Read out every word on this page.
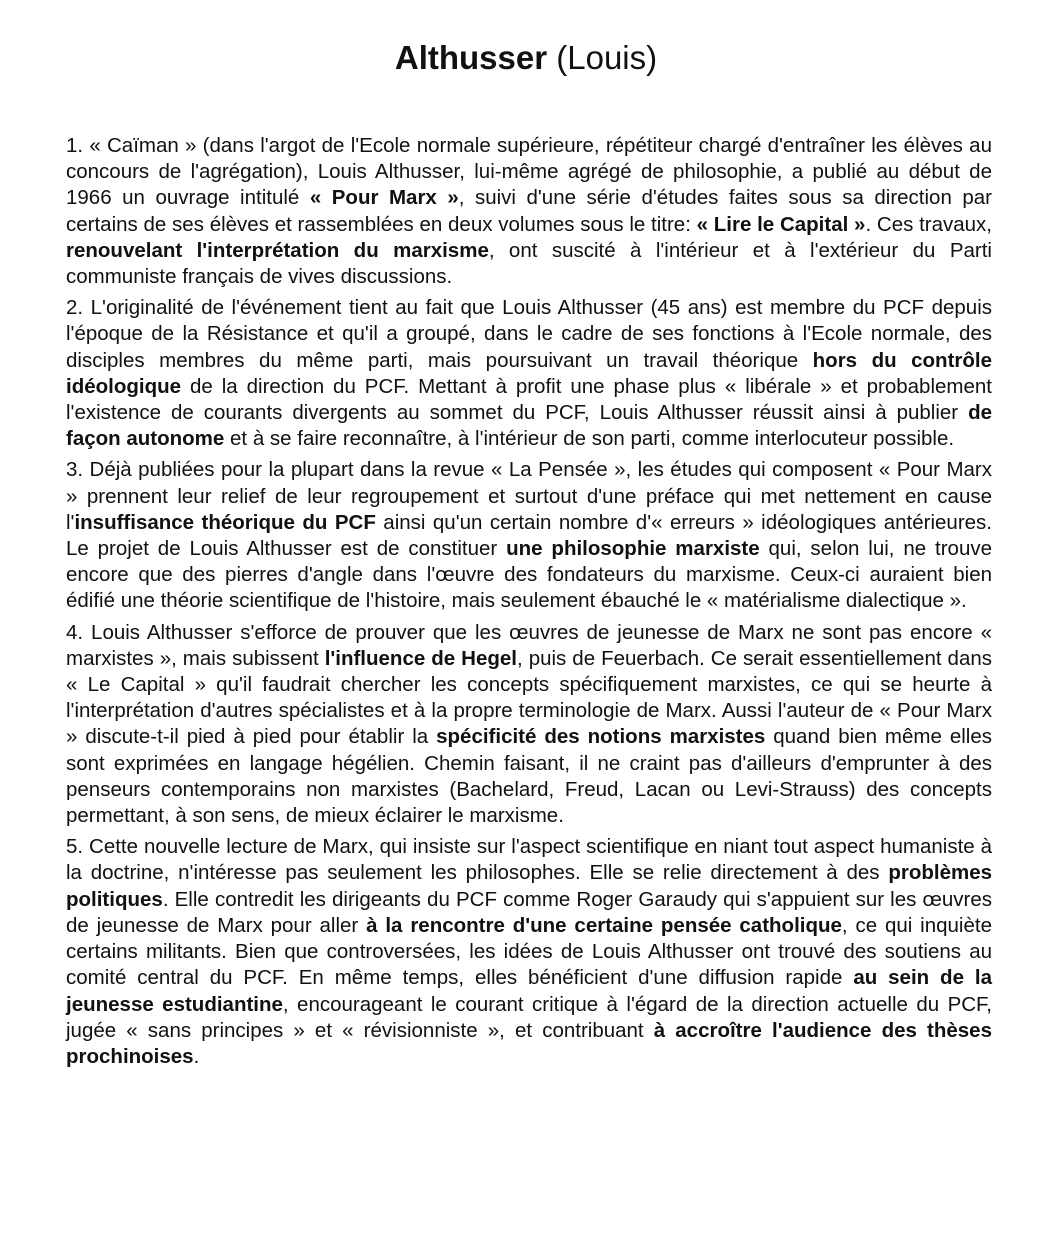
Althusser (Louis)

1. « Caïman » (dans l'argot de l'Ecole normale supérieure, répétiteur chargé d'entraîner les élèves au concours de l'agrégation), Louis Althusser, lui-même agrégé de philosophie, a publié au début de 1966 un ouvrage intitulé « Pour Marx », suivi d'une série d'études faites sous sa direction par certains de ses élèves et rassemblées en deux volumes sous le titre: « Lire le Capital ». Ces travaux, renouvelant l'interprétation du marxisme, ont suscité à l'intérieur et à l'extérieur du Parti communiste français de vives discussions.

2. L'originalité de l'événement tient au fait que Louis Althusser (45 ans) est membre du PCF depuis l'époque de la Résistance et qu'il a groupé, dans le cadre de ses fonctions à l'Ecole normale, des disciples membres du même parti, mais poursuivant un travail théorique hors du contrôle idéologique de la direction du PCF. Mettant à profit une phase plus « libérale » et probablement l'existence de courants divergents au sommet du PCF, Louis Althusser réussit ainsi à publier de façon autonome et à se faire reconnaître, à l'intérieur de son parti, comme interlocuteur possible.

3. Déjà publiées pour la plupart dans la revue « La Pensée », les études qui composent « Pour Marx » prennent leur relief de leur regroupement et surtout d'une préface qui met nettement en cause l'insuffisance théorique du PCF ainsi qu'un certain nombre d'« erreurs » idéologiques antérieures. Le projet de Louis Althusser est de constituer une philosophie marxiste qui, selon lui, ne trouve encore que des pierres d'angle dans l'œuvre des fondateurs du marxisme. Ceux-ci auraient bien édifié une théorie scientifique de l'histoire, mais seulement ébauché le « matérialisme dialectique ».

4. Louis Althusser s'efforce de prouver que les œuvres de jeunesse de Marx ne sont pas encore « marxistes », mais subissent l'influence de Hegel, puis de Feuerbach. Ce serait essentiellement dans « Le Capital » qu'il faudrait chercher les concepts spécifiquement marxistes, ce qui se heurte à l'interprétation d'autres spécialistes et à la propre terminologie de Marx. Aussi l'auteur de « Pour Marx » discute-t-il pied à pied pour établir la spécificité des notions marxistes quand bien même elles sont exprimées en langage hégélien. Chemin faisant, il ne craint pas d'ailleurs d'emprunter à des penseurs contemporains non marxistes (Bachelard, Freud, Lacan ou Levi-Strauss) des concepts permettant, à son sens, de mieux éclairer le marxisme.

5. Cette nouvelle lecture de Marx, qui insiste sur l'aspect scientifique en niant tout aspect humaniste à la doctrine, n'intéresse pas seulement les philosophes. Elle se relie directement à des problèmes politiques. Elle contredit les dirigeants du PCF comme Roger Garaudy qui s'appuient sur les œuvres de jeunesse de Marx pour aller à la rencontre d'une certaine pensée catholique, ce qui inquiète certains militants. Bien que controversées, les idées de Louis Althusser ont trouvé des soutiens au comité central du PCF. En même temps, elles bénéficient d'une diffusion rapide au sein de la jeunesse estudiantine, encourageant le courant critique à l'égard de la direction actuelle du PCF, jugée « sans principes » et « révisionniste », et contribuant à accroître l'audience des thèses prochinoises.
